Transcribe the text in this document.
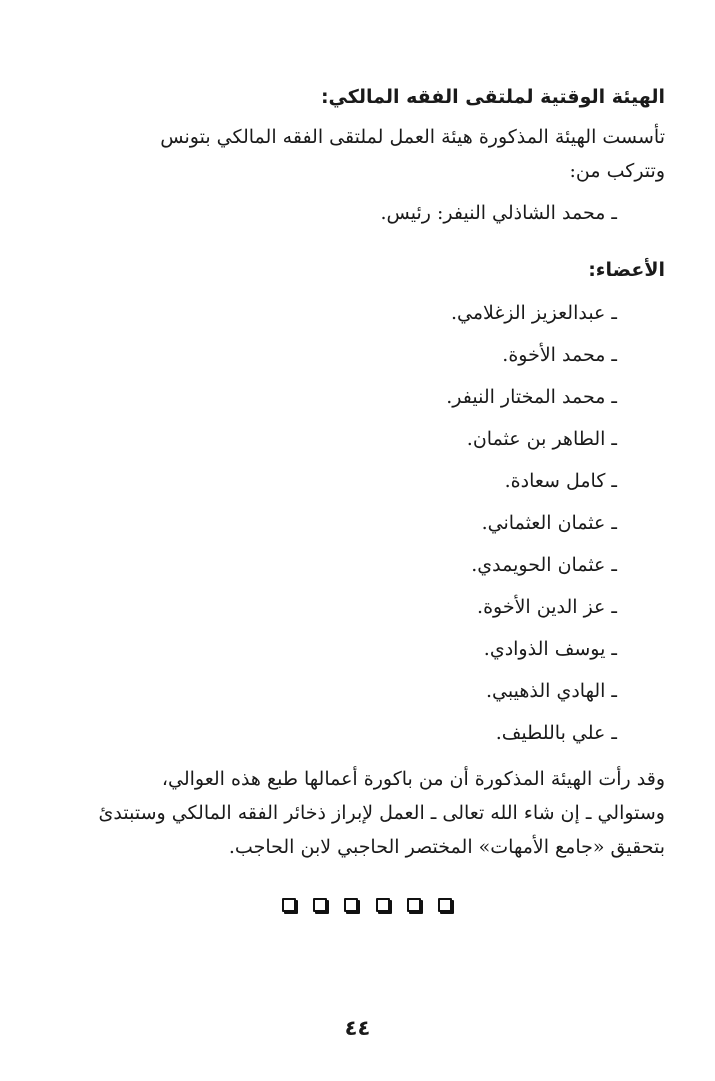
الهيئة الوقتية لملتقى الفقه المالكي:
تأسست الهيئة المذكورة هيئة العمل لملتقى الفقه المالكي بتونس
وتتركب من:
ـ محمد الشاذلي النيفر: رئيس.
الأعضاء:
ـ عبدالعزيز الزغلامي.
ـ محمد الأخوة.
ـ محمد المختار النيفر.
ـ الطاهر بن عثمان.
ـ كامل سعادة.
ـ عثمان العثماني.
ـ عثمان الحويمدي.
ـ عز الدين الأخوة.
ـ يوسف الذوادي.
ـ الهادي الذهيبي.
ـ علي باللطيف.
وقد رأت الهيئة المذكورة أن من باكورة أعمالها طبع هذه العوالي،
وستوالي ـ إن شاء الله تعالى ـ العمل لإبراز ذخائر الفقه المالكي وستبتدئ
بتحقيق «جامع الأمهات» المختصر الحاجبي لابن الحاجب.
٤٤
